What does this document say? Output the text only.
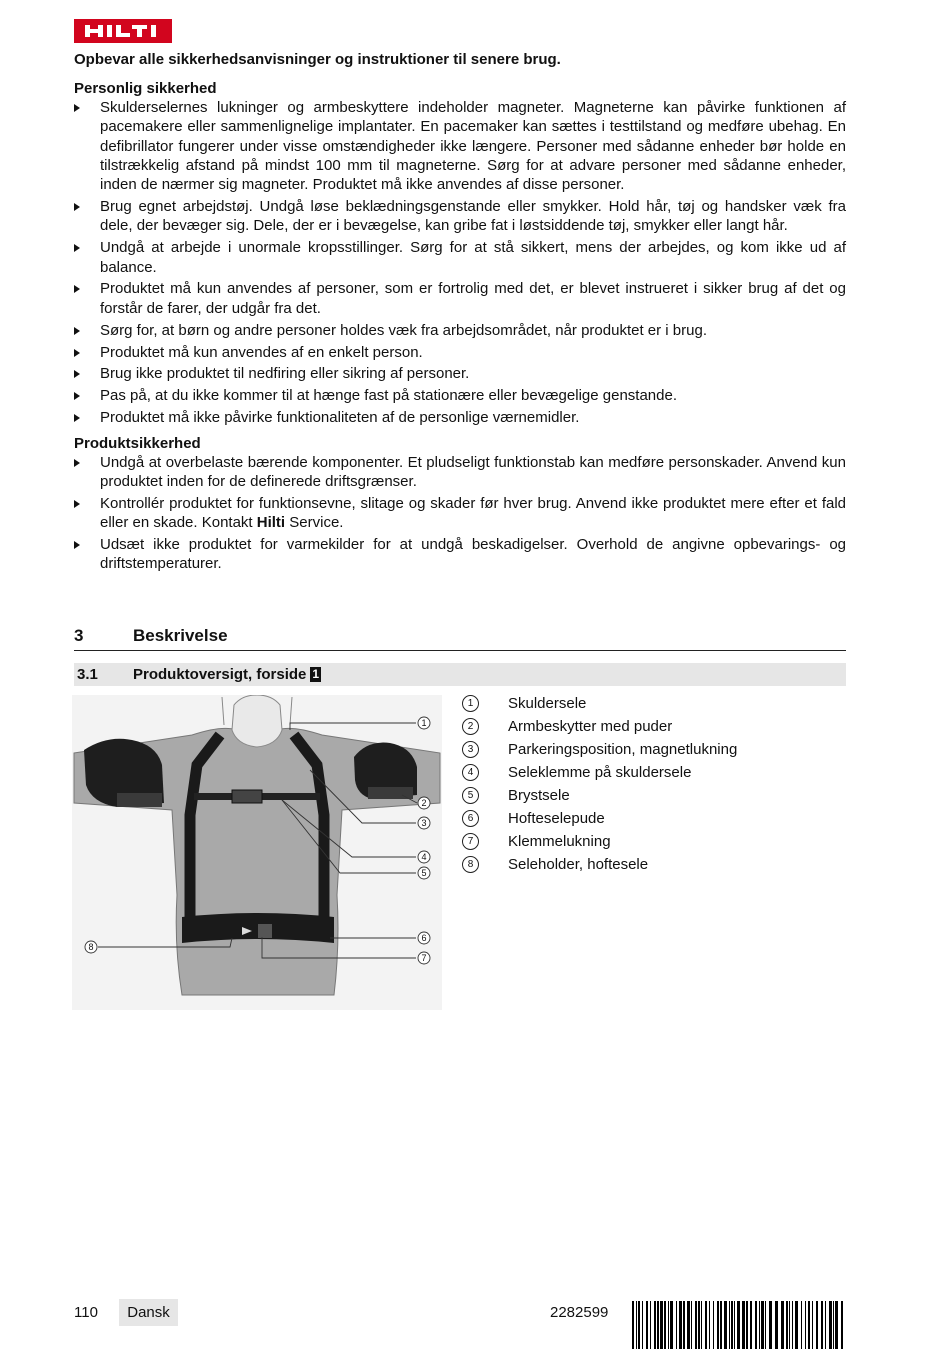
Opbevar alle sikkerhedsanvisninger og instruktioner til senere brug.

Personlig sikkerhed

Skulderselernes lukninger og armbeskyttere indeholder magneter. Magneterne kan påvirke funktionen af pacemakere eller sammenlignelige implantater. En pacemaker kan sættes i testtilstand og medføre ubehag. En defibrillator fungerer under visse omstændigheder ikke længere. Personer med sådanne enheder bør holde en tilstrækkelig afstand på mindst 100 mm til magneterne. Sørg for at advare personer med sådanne enheder, inden de nærmer sig magneter. Produktet må ikke anvendes af disse personer.
Brug egnet arbejdstøj. Undgå løse beklædningsgenstande eller smykker. Hold hår, tøj og handsker væk fra dele, der bevæger sig. Dele, der er i bevægelse, kan gribe fat i løstsiddende tøj, smykker eller langt hår.
Undgå at arbejde i unormale kropsstillinger. Sørg for at stå sikkert, mens der arbejdes, og kom ikke ud af balance.
Produktet må kun anvendes af personer, som er fortrolig med det, er blevet instrueret i sikker brug af det og forstår de farer, der udgår fra det.
Sørg for, at børn og andre personer holdes væk fra arbejdsområdet, når produktet er i brug.
Produktet må kun anvendes af en enkelt person.
Brug ikke produktet til nedfiring eller sikring af personer.
Pas på, at du ikke kommer til at hænge fast på stationære eller bevægelige genstande.
Produktet må ikke påvirke funktionaliteten af de personlige værnemidler.

Produktsikkerhed

Undgå at overbelaste bærende komponenter. Et pludseligt funktionstab kan medføre personskader. Anvend kun produktet inden for de definerede driftsgrænser.
Kontrollér produktet for funktionsevne, slitage og skader før hver brug. Anvend ikke produktet mere efter et fald eller en skade. Kontakt Hilti Service.
Udsæt ikke produktet for varmekilder for at undgå beskadigelser. Overhold de angivne opbevarings- og driftstemperaturer.
3	Beskrivelse
3.1 Produktoversigt, forside 1
1
2
3
4
5
6
7
8
1	Skuldersele
2	Armbeskytter med puder
3	Parkeringsposition, magnetlukning
4	Seleklemme på skuldersele
5	Brystsele
6	Hofteselepude
7	Klemmelukning
8	Seleholder, hoftesele
110	Dansk	2282599
